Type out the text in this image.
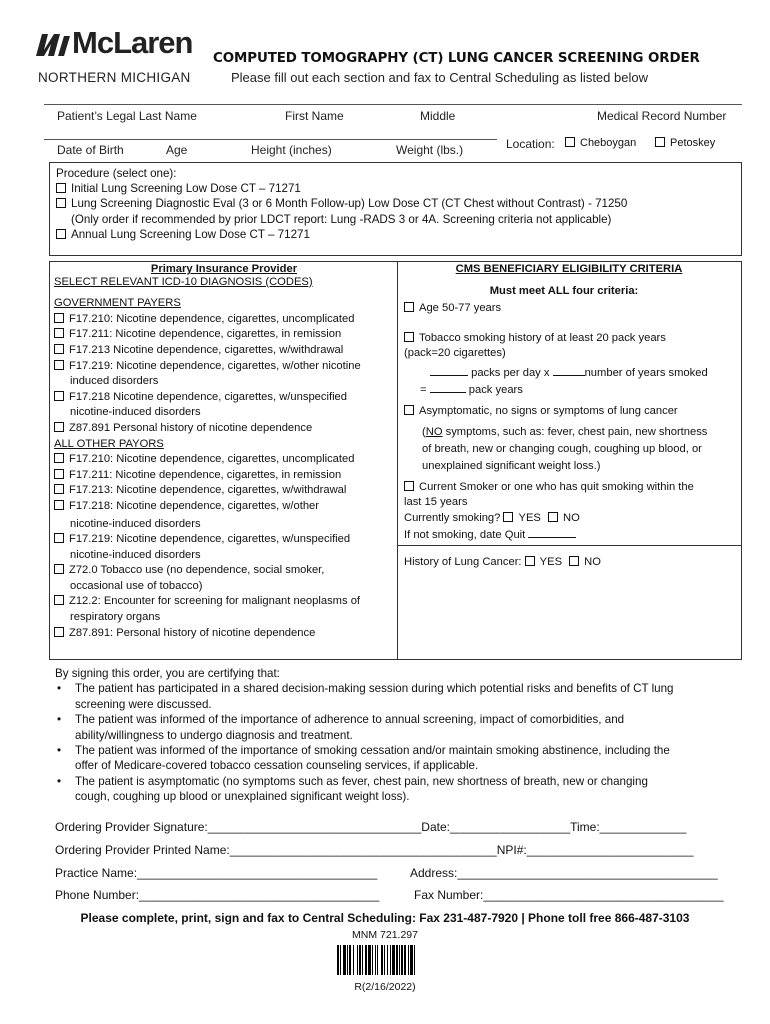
McLaren
NORTHERN MICHIGAN
COMPUTED TOMOGRAPHY (CT) LUNG CANCER SCREENING ORDER
Please fill out each section and fax to Central Scheduling as listed below
Patient’s Legal Last Name	First Name	Middle	Medical Record Number
Date of Birth	Age	Height (inches)	Weight (lbs.)	Location:	Cheboygan	Petoskey

Procedure (select one):

Initial Lung Screening Low Dose CT – 71271

Lung Screening Diagnostic Eval (3 or 6 Month Follow-up) Low Dose CT (CT Chest without Contrast) - 71250

(Only order if recommended by prior LDCT report: Lung -RADS 3 or 4A. Screening criteria not applicable)

Annual Lung Screening Low Dose CT – 71271

Primary Insurance Provider
SELECT RELEVANT ICD-10 DIAGNOSIS (CODES)
GOVERNMENT PAYERS
F17.210: Nicotine dependence, cigarettes, uncomplicated
F17.211: Nicotine dependence, cigarettes, in remission
F17.213 Nicotine dependence, cigarettes, w/withdrawal
F17.219: Nicotine dependence, cigarettes, w/other nicotine
induced disorders
F17.218 Nicotine dependence, cigarettes, w/unspecified
nicotine-induced disorders
Z87.891 Personal history of nicotine dependence
ALL OTHER PAYORS
F17.210: Nicotine dependence, cigarettes, uncomplicated
F17.211: Nicotine dependence, cigarettes, in remission
F17.213: Nicotine dependence, cigarettes, w/withdrawal
F17.218: Nicotine dependence, cigarettes, w/other
nicotine-induced disorders
F17.219: Nicotine dependence, cigarettes, w/unspecified
nicotine-induced disorders
Z72.0 Tobacco use (no dependence, social smoker,
occasional use of tobacco)
Z12.2: Encounter for screening for malignant neoplasms of
respiratory organs
Z87.891: Personal history of nicotine dependence
CMS BENEFICIARY ELIGIBILITY CRITERIA
Must meet ALL four criteria:
Age 50-77 years
Tobacco smoking history of at least 20 pack years
(pack=20 cigarettes)
packs per day x	number of years smoked
=	pack years
Asymptomatic, no signs or symptoms of lung cancer
(NO symptoms, such as: fever, chest pain, new shortness
of breath, new or changing cough, coughing up blood, or
unexplained significant weight loss.)
Current Smoker or one who has quit smoking within the
last 15 years
Currently smoking? YES NO
If not smoking, date Quit
History of Lung Cancer: YES NO
By signing this order, you are certifying that:
• The patient has participated in a shared decision-making session during which potential risks and benefits of CT lung
screening were discussed.
• The patient was informed of the importance of adherence to annual screening, impact of comorbidities, and
ability/willingness to undergo diagnosis and treatment.
• The patient was informed of the importance of smoking cessation and/or maintain smoking abstinence, including the
offer of Medicare-covered tobacco cessation counseling services, if applicable.
• The patient is asymptomatic (no symptoms such as fever, chest pain, new shortness of breath, new or changing
cough, coughing up blood or unexplained significant weight loss).
Ordering Provider Signature:________________________________Date:__________________Time:_____________
Ordering Provider Printed Name:________________________________________NPI#:_________________________
Practice Name:____________________________________	Address:_______________________________________
Phone Number:____________________________________	Fax Number:____________________________________
Please complete, print, sign and fax to Central Scheduling: Fax 231-487-7920 | Phone toll free 866-487-3103
MNM 721.297
R(2/16/2022)
